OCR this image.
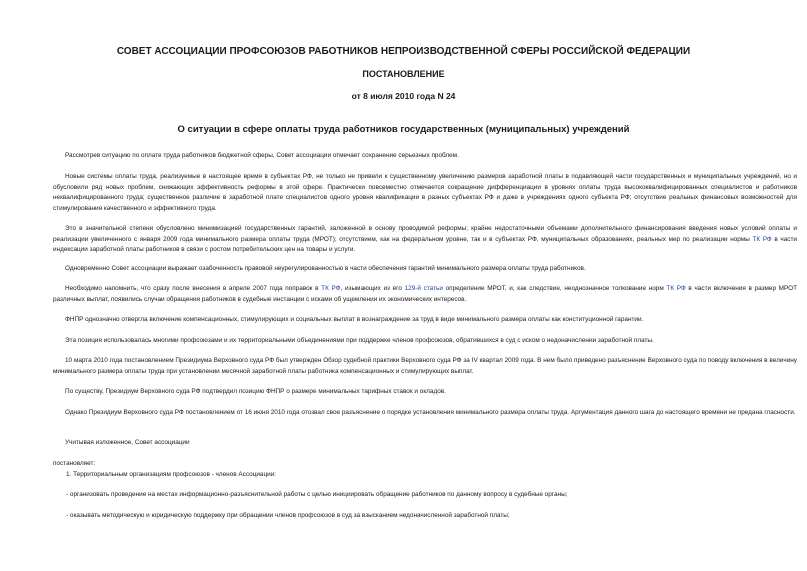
СОВЕТ АССОЦИАЦИИ ПРОФСОЮЗОВ РАБОТНИКОВ НЕПРОИЗВОДСТВЕННОЙ СФЕРЫ РОССИЙСКОЙ ФЕДЕРАЦИИ
ПОСТАНОВЛЕНИЕ
от 8 июля 2010 года N 24
О ситуации в сфере оплаты труда работников государственных (муниципальных) учреждений

Рассмотрев ситуацию по оплате труда работников бюджетной сферы, Совет ассоциации отмечает сохранение серьезных проблем.

Новые системы оплаты труда, реализуемые в настоящее время в субъектах РФ, не только не привели к существенному увеличению размеров заработной платы в подавляющей части государственных и муниципальных учреждений, но и обусловили ряд новых проблем, снижающих эффективность реформы в этой сфере. Практически повсеместно отмечается сокращение дифференциации в уровнях оплаты труда высококвалифицированных специалистов и работников неквалифицированного труда; существенное различие в заработной плате специалистов одного уровня квалификации в разных субъектах РФ и даже в учреждениях одного субъекта РФ; отсутствие реальных финансовых возможностей для стимулирования качественного и эффективного труда.

Это в значительной степени обусловлено минимизацией государственных гарантий, заложенной в основу проводимой реформы; крайне недостаточными объемами дополнительного финансирования введения новых условий оплаты и реализации увеличенного с января 2009 года минимального размера оплаты труда (МРОТ); отсутствием, как на федеральном уровне, так и в субъектах РФ, муниципальных образованиях, реальных мер по реализации нормы ТК РФ в части индексации заработной платы работников в связи с ростом потребительских цен на товары и услуги.

Одновременно Совет ассоциации выражает озабоченность правовой неурегулированностью в части обеспечения гарантий минимального размера оплаты труда работников.

Необходимо напомнить, что сразу после внесения в апреле 2007 года поправок в ТК РФ, изымающих из его 129-й статьи определение МРОТ, и, как следствие, неоднозначное толкование норм ТК РФ в части включения в размер МРОТ различных выплат, появились случаи обращения работников в судебные инстанции с исками об ущемлении их экономических интересов.

ФНПР однозначно отвергла включение компенсационных, стимулирующих и социальных выплат в вознаграждение за труд в виде минимального размера оплаты как конституционной гарантии.

Эта позиция использовалась многими профсоюзами и их территориальными объединениями при поддержке членов профсоюзов, обратившихся в суд с иском о недоначислении заработной платы.

10 марта 2010 года постановлением Президиума Верховного суда РФ был утвержден Обзор судебной практики Верховного суда РФ за IV квартал 2009 года. В нем было приведено разъяснение Верховного суда по поводу включения в величину минимального размера оплаты труда при установлении месячной заработной платы работника компенсационных и стимулирующих выплат.

По существу, Президиум Верховного суда РФ подтвердил позицию ФНПР о размере минимальных тарифных ставок и окладов.

Однако Президиум Верховного суда РФ постановлением от 16 июня 2010 года отозвал свое разъяснение о порядке установления минимального размера оплаты труда. Аргументация данного шага до настоящего времени не предана гласности.

Учитывая изложенное, Совет ассоциации

постановляет:

1. Территориальным организациям профсоюзов - членов Ассоциации:

- организовать проведение на местах информационно-разъяснительной работы с целью инициировать обращение работников по данному вопросу в судебные органы;

- оказывать методическую и юридическую поддержку при обращении членов профсоюзов в суд за взысканием недоначисленной заработной платы;
